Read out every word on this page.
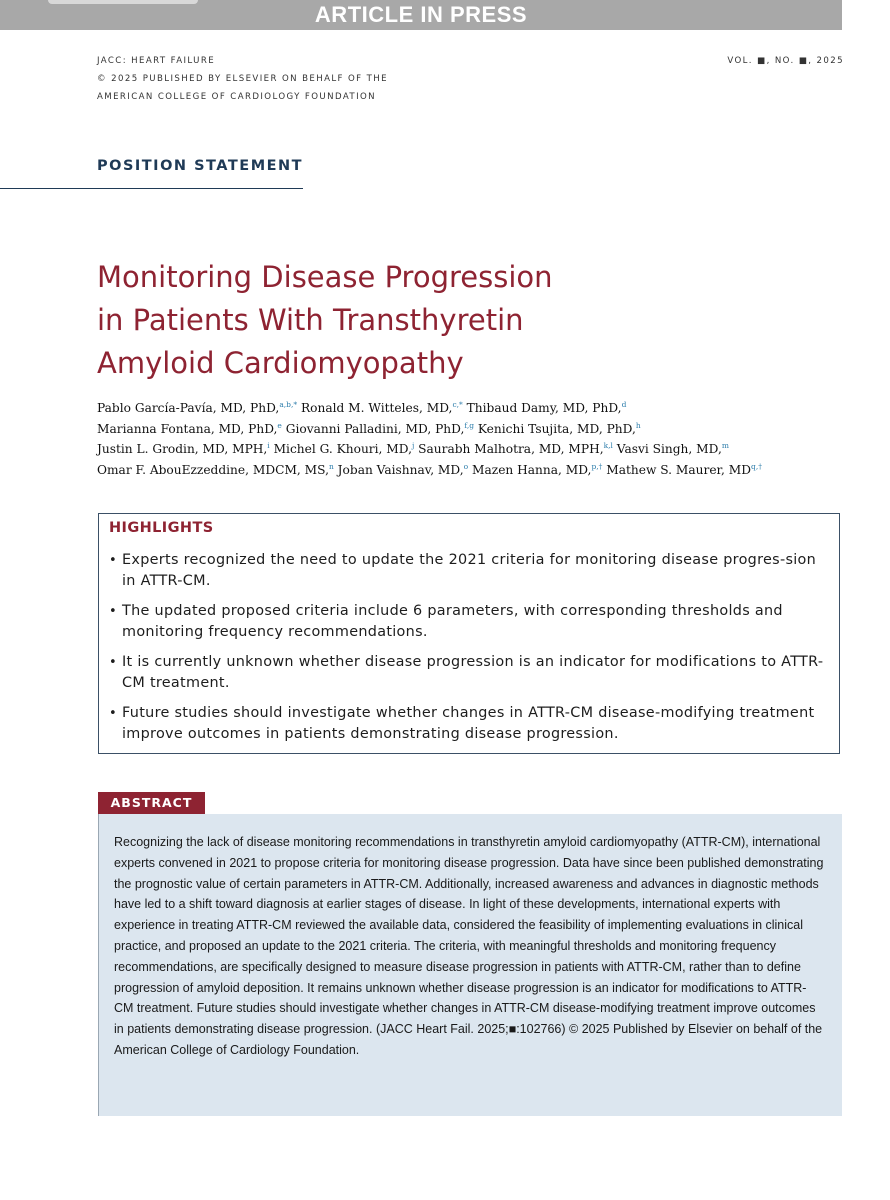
ARTICLE IN PRESS
JACC: HEART FAILURE
© 2025 PUBLISHED BY ELSEVIER ON BEHALF OF THE
AMERICAN COLLEGE OF CARDIOLOGY FOUNDATION
VOL. ■, NO. ■, 2025
POSITION STATEMENT
Monitoring Disease Progression
in Patients With Transthyretin
Amyloid Cardiomyopathy
Pablo García-Pavía, MD, PhD,$^{a,b,*}$ Ronald M. Witteles, MD,$^{c,*}$ Thibaud Damy, MD, PhD,$^d$
Marianna Fontana, MD, PhD,$^e$ Giovanni Palladini, MD, PhD,$^{f,g}$ Kenichi Tsujita, MD, PhD,$^h$
Justin L. Grodin, MD, MPH,$^i$ Michel G. Khouri, MD,$^j$ Saurabh Malhotra, MD, MPH,$^{k,l}$ Vasvi Singh, MD,$^m$
Omar F. AbouEzzeddine, MDCM, MS,$^n$ Joban Vaishnav, MD,$^o$ Mazen Hanna, MD,$^{p,\dagger}$ Mathew S. Maurer, $MD^{q,\dagger}$
HIGHLIGHTS
• Experts recognized the need to update the 2021 criteria for monitoring disease progres-sion in ATTR-CM.
• The updated proposed criteria include 6 parameters, with corresponding thresholds and monitoring frequency recommendations.
• It is currently unknown whether disease progression is an indicator for modifications to ATTR-CM treatment.
• Future studies should investigate whether changes in ATTR-CM disease-modifying treatment improve outcomes in patients demonstrating disease progression.
ABSTRACT
Recognizing the lack of disease monitoring recommendations in transthyretin amyloid cardiomyopathy (ATTR-CM), international experts convened in 2021 to propose criteria for monitoring disease progression. Data have since been published demonstrating the prognostic value of certain parameters in ATTR-CM. Additionally, increased awareness and advances in diagnostic methods have led to a shift toward diagnosis at earlier stages of disease. In light of these developments, international experts with experience in treating ATTR-CM reviewed the available data, considered the feasibility of implementing evaluations in clinical practice, and proposed an update to the 2021 criteria. The criteria, with meaningful thresholds and monitoring frequency recommendations, are specifically designed to measure disease progression in patients with ATTR-CM, rather than to define progression of amyloid deposition. It remains unknown whether disease progression is an indicator for modifications to ATTR-CM treatment. Future studies should investigate whether changes in ATTR-CM disease-modifying treatment improve outcomes in patients demonstrating disease progression. (JACC Heart Fail. 2025;■:102766) © 2025 Published by Elsevier on behalf of the American College of Cardiology Foundation.
